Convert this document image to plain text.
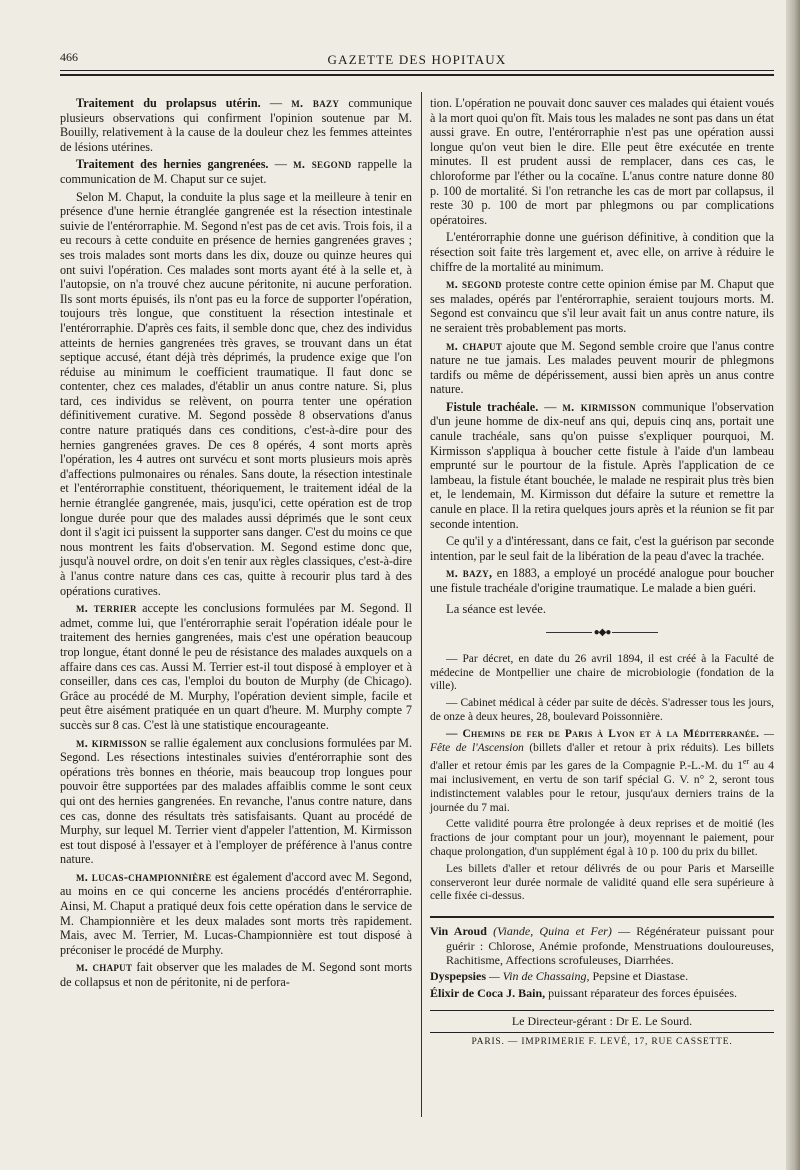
466	GAZETTE DES HOPITAUX

Traitement du prolapsus utérin. — m. bazy communique plusieurs observations qui confirment l'opinion soutenue par M. Bouilly, relativement à la cause de la douleur chez les femmes atteintes de lésions utérines.

Traitement des hernies gangrenées. — m. segond rappelle la communication de M. Chaput sur ce sujet.

Selon M. Chaput, la conduite la plus sage et la meilleure à tenir en présence d'une hernie étranglée gangrenée est la résection intestinale suivie de l'entérorraphie. M. Segond n'est pas de cet avis. Trois fois, il a eu recours à cette conduite en présence de hernies gangrenées graves ; ses trois malades sont morts dans les dix, douze ou quinze heures qui ont suivi l'opération. Ces malades sont morts ayant été à la selle et, à l'autopsie, on n'a trouvé chez aucune péritonite, ni aucune perforation. Ils sont morts épuisés, ils n'ont pas eu la force de supporter l'opération, toujours très longue, que constituent la résection intestinale et l'entérorraphie. D'après ces faits, il semble donc que, chez des individus atteints de hernies gangrenées très graves, se trouvant dans un état septique accusé, étant déjà très déprimés, la prudence exige que l'on réduise au minimum le coefficient traumatique. Il faut donc se contenter, chez ces malades, d'établir un anus contre nature. Si, plus tard, ces individus se relèvent, on pourra tenter une opération définitivement curative. M. Segond possède 8 observations d'anus contre nature pratiqués dans ces conditions, c'est-à-dire pour des hernies gangrenées graves. De ces 8 opérés, 4 sont morts après l'opération, les 4 autres ont survécu et sont morts plusieurs mois après d'affections pulmonaires ou rénales. Sans doute, la résection intestinale et l'entérorraphie constituent, théoriquement, le traitement idéal de la hernie étranglée gangrenée, mais, jusqu'ici, cette opération est de trop longue durée pour que des malades aussi déprimés que le sont ceux dont il s'agit ici puissent la supporter sans danger. C'est du moins ce que nous montrent les faits d'observation. M. Segond estime donc que, jusqu'à nouvel ordre, on doit s'en tenir aux règles classiques, c'est-à-dire à l'anus contre nature dans ces cas, quitte à recourir plus tard à des opérations curatives.

m. terrier accepte les conclusions formulées par M. Segond. Il admet, comme lui, que l'entérorraphie serait l'opération idéale pour le traitement des hernies gangrenées, mais c'est une opération beaucoup trop longue, étant donné le peu de résistance des malades auxquels on a affaire dans ces cas. Aussi M. Terrier est-il tout disposé à employer et à conseiller, dans ces cas, l'emploi du bouton de Murphy (de Chicago). Grâce au procédé de M. Murphy, l'opération devient simple, facile et peut être aisément pratiquée en un quart d'heure. M. Murphy compte 7 succès sur 8 cas. C'est là une statistique encourageante.

m. kirmisson se rallie également aux conclusions formulées par M. Segond. Les résections intestinales suivies d'entérorraphie sont des opérations très bonnes en théorie, mais beaucoup trop longues pour pouvoir être supportées par des malades affaiblis comme le sont ceux qui ont des hernies gangrenées. En revanche, l'anus contre nature, dans ces cas, donne des résultats très satisfaisants. Quant au procédé de Murphy, sur lequel M. Terrier vient d'appeler l'attention, M. Kirmisson est tout disposé à l'essayer et à l'employer de préférence à l'anus contre nature.

m. lucas-championnière est également d'accord avec M. Segond, au moins en ce qui concerne les anciens procédés d'entérorraphie. Ainsi, M. Chaput a pratiqué deux fois cette opération dans le service de M. Championnière et les deux malades sont morts très rapidement. Mais, avec M. Terrier, M. Lucas-Championnière est tout disposé à préconiser le procédé de Murphy.

m. chaput fait observer que les malades de M. Segond sont morts de collapsus et non de péritonite, ni de perfora-

tion. L'opération ne pouvait donc sauver ces malades qui étaient voués à la mort quoi qu'on fît. Mais tous les malades ne sont pas dans un état aussi grave. En outre, l'entérorraphie n'est pas une opération aussi longue qu'on veut bien le dire. Elle peut être exécutée en trente minutes. Il est prudent aussi de remplacer, dans ces cas, le chloroforme par l'éther ou la cocaïne. L'anus contre nature donne 80 p. 100 de mortalité. Si l'on retranche les cas de mort par collapsus, il reste 30 p. 100 de mort par phlegmons ou par complications opératoires.

L'entérorraphie donne une guérison définitive, à condition que la résection soit faite très largement et, avec elle, on arrive à réduire le chiffre de la mortalité au minimum.

m. segond proteste contre cette opinion émise par M. Chaput que ses malades, opérés par l'entérorraphie, seraient toujours morts. M. Segond est convaincu que s'il leur avait fait un anus contre nature, ils ne seraient très probablement pas morts.

m. chaput ajoute que M. Segond semble croire que l'anus contre nature ne tue jamais. Les malades peuvent mourir de phlegmons tardifs ou même de dépérissement, aussi bien après un anus contre nature.

Fistule trachéale. — m. kirmisson communique l'observation d'un jeune homme de dix-neuf ans qui, depuis cinq ans, portait une canule trachéale, sans qu'on puisse s'expliquer pourquoi, M. Kirmisson s'appliqua à boucher cette fistule à l'aide d'un lambeau emprunté sur le pourtour de la fistule. Après l'application de ce lambeau, la fistule étant bouchée, le malade ne respirait plus très bien et, le lendemain, M. Kirmisson dut défaire la suture et remettre la canule en place. Il la retira quelques jours après et la réunion se fit par seconde intention.

Ce qu'il y a d'intéressant, dans ce fait, c'est la guérison par seconde intention, par le seul fait de la libération de la peau d'avec la trachée.

m. bazy, en 1883, a employé un procédé analogue pour boucher une fistule trachéale d'origine traumatique. Le malade a bien guéri.

La séance est levée.

●◆●

— Par décret, en date du 26 avril 1894, il est créé à la Faculté de médecine de Montpellier une chaire de microbiologie (fondation de la ville).

— Cabinet médical à céder par suite de décès. S'adresser tous les jours, de onze à deux heures, 28, boulevard Poissonnière.

— Chemins de fer de Paris à Lyon et à la Méditerranée. — Fête de l'Ascension (billets d'aller et retour à prix réduits). Les billets d'aller et retour émis par les gares de la Compagnie P.-L.-M. du 1er au 4 mai inclusivement, en vertu de son tarif spécial G. V. n° 2, seront tous indistinctement valables pour le retour, jusqu'aux derniers trains de la journée du 7 mai.

Cette validité pourra être prolongée à deux reprises et de moitié (les fractions de jour comptant pour un jour), moyennant le paiement, pour chaque prolongation, d'un supplément égal à 10 p. 100 du prix du billet.

Les billets d'aller et retour délivrés de ou pour Paris et Marseille conserveront leur durée normale de validité quand elle sera supérieure à celle fixée ci-dessus.

Vin Aroud (Viande, Quina et Fer) — Régénérateur puissant pour guérir : Chlorose, Anémie profonde, Menstruations douloureuses, Rachitisme, Affections scrofuleuses, Diarrhées.

Dyspepsies — Vin de Chassaing, Pepsine et Diastase.

Élixir de Coca J. Bain, puissant réparateur des forces épuisées.

Le Directeur-gérant : Dr E. Le Sourd.
PARIS. — IMPRIMERIE F. LEVÉ, 17, RUE CASSETTE.
